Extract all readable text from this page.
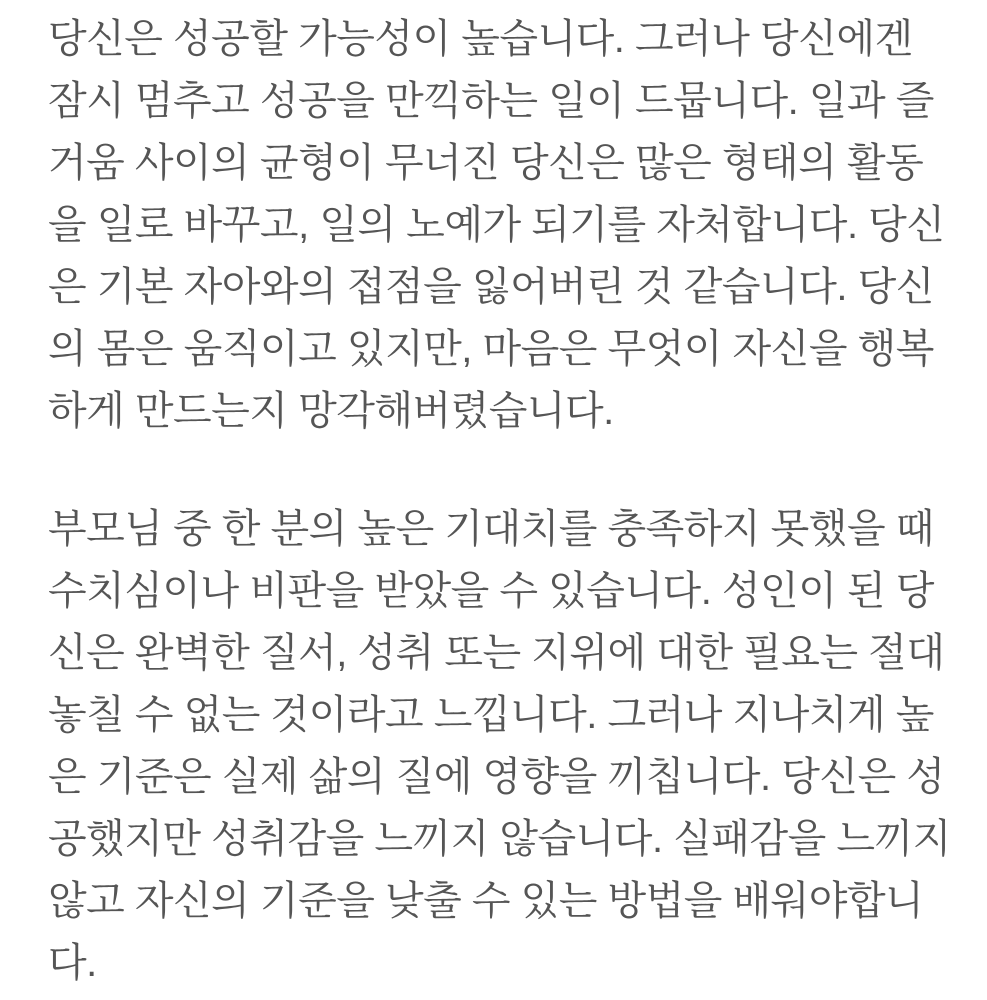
당신은 성공할 가능성이 높습니다. 그러나 당신에겐
잠시 멈추고 성공을 만끽하는 일이 드뭅니다. 일과 즐
거움 사이의 균형이 무너진 당신은 많은 형태의 활동
을 일로 바꾸고, 일의 노예가 되기를 자처합니다. 당신
은 기본 자아와의 접점을 잃어버린 것 같습니다. 당신
의 몸은 움직이고 있지만, 마음은 무엇이 자신을 행복
하게 만드는지 망각해버렸습니다.
부모님 중 한 분의 높은 기대치를 충족하지 못했을 때
수치심이나 비판을 받았을 수 있습니다. 성인이 된 당
신은 완벽한 질서, 성취 또는 지위에 대한 필요는 절대
놓칠 수 없는 것이라고 느낍니다. 그러나 지나치게 높
은 기준은 실제 삶의 질에 영향을 끼칩니다. 당신은 성
공했지만 성취감을 느끼지 않습니다. 실패감을 느끼지
않고 자신의 기준을 낮출 수 있는 방법을 배워야합니
다.
